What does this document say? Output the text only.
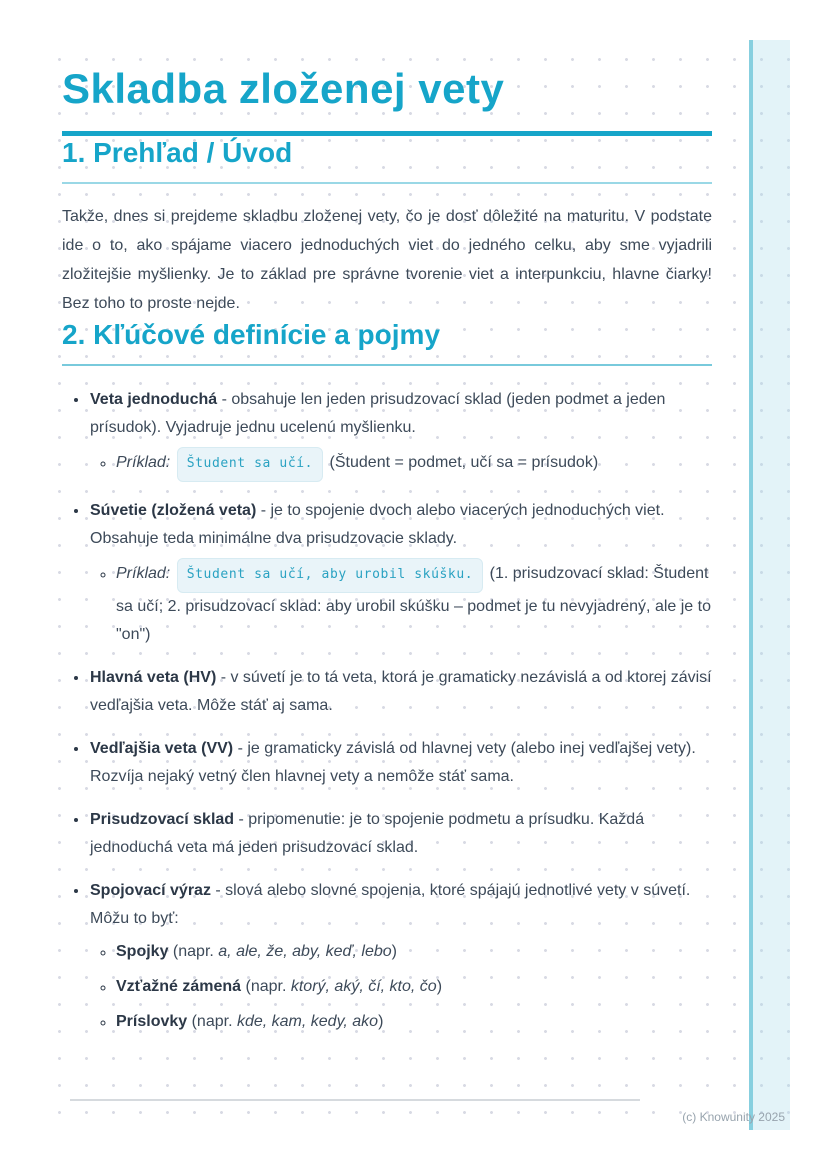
Skladba zloženej vety
1. Prehľad / Úvod

Takže, dnes si prejdeme skladbu zloženej vety, čo je dosť dôležité na maturitu. V podstate ide o to, ako spájame viacero jednoduchých viet do jedného celku, aby sme vyjadrili zložitejšie myšlienky. Je to základ pre správne tvorenie viet a interpunkciu, hlavne čiarky! Bez toho to proste nejde.

2. Kľúčové definície a pojmy
• Veta jednoduchá - obsahuje len jeden prisudzovací sklad (jeden podmet a jeden prísudok). Vyjadruje jednu ucelenú myšlienku.
◦ Príklad: Študent sa učí. (Študent = podmet, učí sa = prísudok)
• Súvetie (zložená veta) - je to spojenie dvoch alebo viacerých jednoduchých viet. Obsahuje teda minimálne dva prisudzovacie sklady.
◦ Príklad: Študent sa učí, aby urobil skúšku. (1. prisudzovací sklad: Študent sa učí; 2. prisudzovací sklad: aby urobil skúšku – podmet je tu nevyjadrený, ale je to "on")
• Hlavná veta (HV) - v súvetí je to tá veta, ktorá je gramaticky nezávislá a od ktorej závisí vedľajšia veta. Môže stáť aj sama.
• Vedľajšia veta (VV) - je gramaticky závislá od hlavnej vety (alebo inej vedľajšej vety). Rozvíja nejaký vetný člen hlavnej vety a nemôže stáť sama.
• Prisudzovací sklad - pripomenutie: je to spojenie podmetu a prísudku. Každá jednoduchá veta má jeden prisudzovací sklad.
• Spojovací výraz - slová alebo slovné spojenia, ktoré spájajú jednotlivé vety v súvetí. Môžu to byť:
◦ Spojky (napr. a, ale, že, aby, keď, lebo)
◦ Vzťažné zámená (napr. ktorý, aký, čí, kto, čo)
◦ Príslovky (napr. kde, kam, kedy, ako)
(c) Knowunity 2025
